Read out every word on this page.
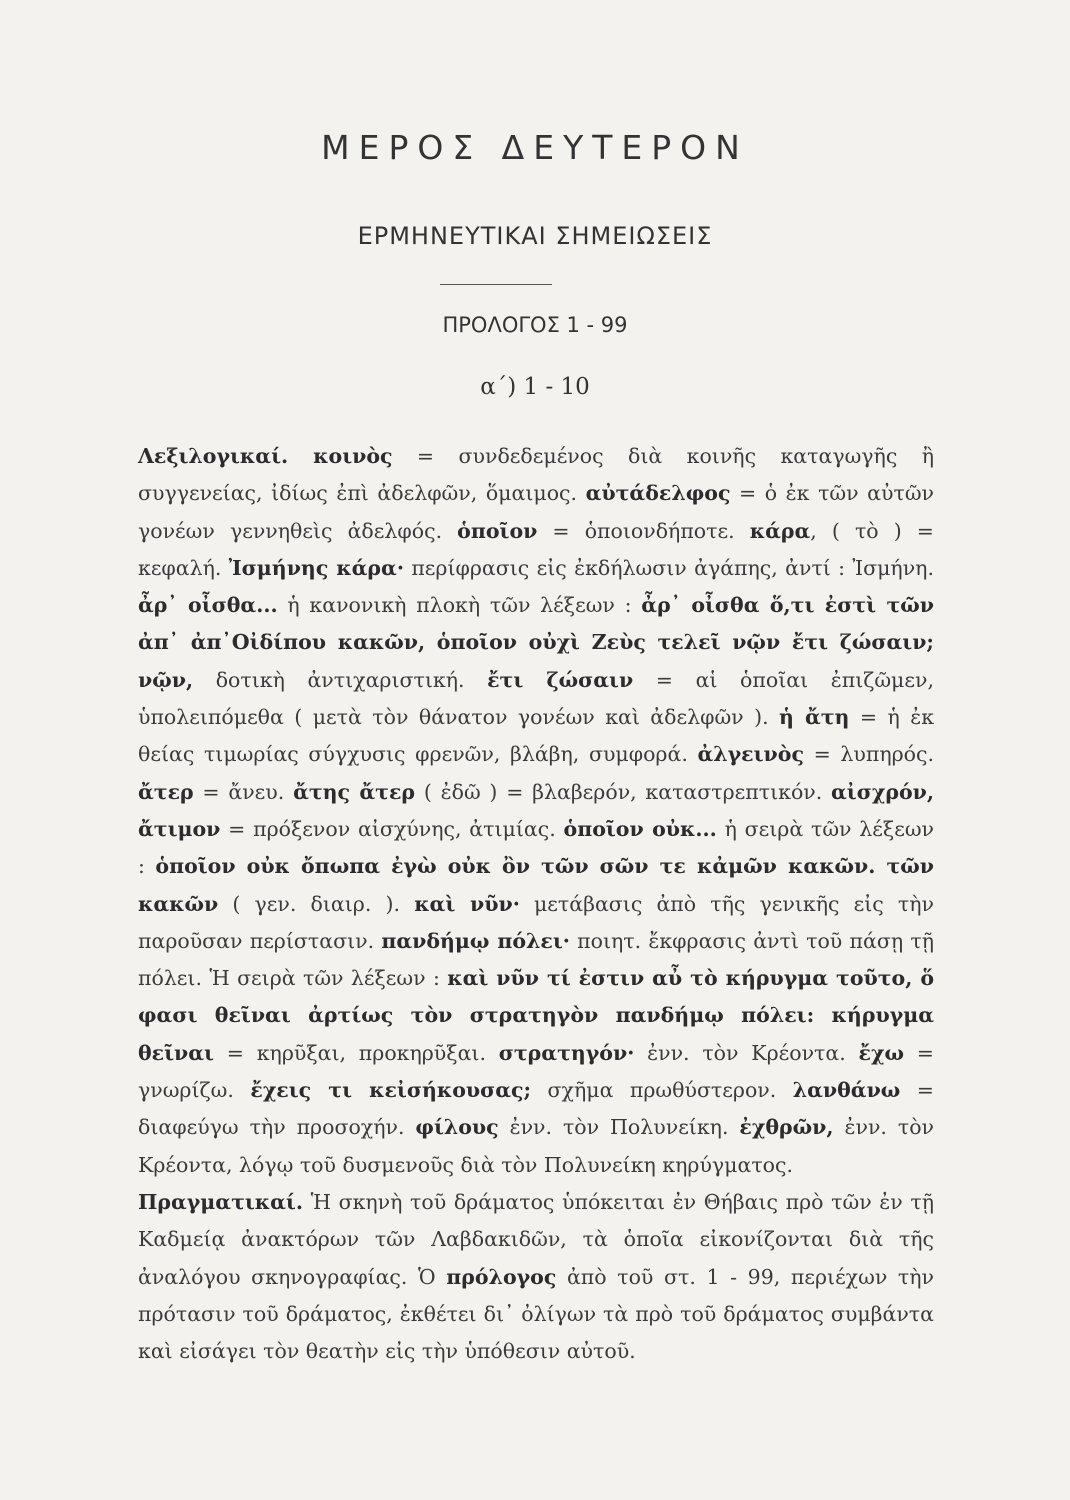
ΜΕΡΟΣ ΔΕΥΤΕΡΟΝ
ΕΡΜΗΝΕΥΤΙΚΑΙ ΣΗΜΕΙΩΣΕΙΣ
ΠΡΟΛΟΓΟΣ 1 - 99
α΄) 1 - 10

Λεξιλογικαί. κοινὸς = συνδεδεμένος διὰ κοινῆς καταγωγῆς ἢ συγγενείας, ἰδίως ἐπὶ ἀδελφῶν, ὅμαιμος. αὐτάδελφος = ὁ ἐκ τῶν αὐτῶν γονέων γεννηθεὶς ἀδελφός. ὁποῖον = ὁποιονδήποτε. κάρα, ( τὸ ) = κεφαλή. Ἰσμήνης κάρα· περίφρασις εἰς ἐκδήλωσιν ἀγάπης, ἀντί : Ἰσμήνη. ἆρ᾽ οἶσθα... ἡ κανονικὴ πλοκὴ τῶν λέξεων : ἆρ᾽ οἶσθα ὅ,τι ἐστὶ τῶν ἀπ᾽ ἀπ᾽Οἰδίπου κακῶν, ὁποῖον οὐχὶ Ζεὺς τελεῖ νῷν ἔτι ζώσαιν; νῷν, δοτικὴ ἀντιχαριστική. ἔτι ζώσαιν = αἱ ὁποῖαι ἐπιζῶμεν, ὑπολειπόμεθα ( μετὰ τὸν θάνατον γονέων καὶ ἀδελφῶν ). ἡ ἄτη = ἡ ἐκ θείας τιμωρίας σύγχυσις φρενῶν, βλάβη, συμφορά. ἀλγεινὸς = λυπηρός. ἄτερ = ἄνευ. ἄτης ἄτερ ( ἐδῶ ) = βλαβερόν, καταστρεπτικόν. αἰσχρόν, ἄτιμον = πρόξενον αἰσχύνης, ἀτιμίας. ὁποῖον οὐκ... ἡ σειρὰ τῶν λέξεων : ὁποῖον οὐκ ὄπωπα ἐγὼ οὐκ ὂν τῶν σῶν τε κἀμῶν κακῶν. τῶν κακῶν ( γεν. διαιρ. ). καὶ νῦν· μετάβασις ἀπὸ τῆς γενικῆς εἰς τὴν παροῦσαν περίστασιν. πανδήμῳ πόλει· ποιητ. ἔκφρασις ἀντὶ τοῦ πάσῃ τῇ πόλει. Ἡ σειρὰ τῶν λέξεων : καὶ νῦν τί ἐστιν αὖ τὸ κήρυγμα τοῦτο, ὅ φασι θεῖναι ἀρτίως τὸν στρατηγὸν πανδήμῳ πόλει: κήρυγμα θεῖναι = κηρῦξαι, προκηρῦξαι. στρατηγόν· ἐνν. τὸν Κρέοντα. ἔχω = γνωρίζω. ἔχεις τι κεἰσήκουσας; σχῆμα πρωθύστερον. λανθάνω = διαφεύγω τὴν προσοχήν. φίλους ἐνν. τὸν Πολυνείκη. ἐχθρῶν, ἐνν. τὸν Κρέοντα, λόγῳ τοῦ δυσμενοῦς διὰ τὸν Πολυνείκη κηρύγματος.

Πραγματικαί. Ἡ σκηνὴ τοῦ δράματος ὑπόκειται ἐν Θήβαις πρὸ τῶν ἐν τῇ Καδμείᾳ ἀνακτόρων τῶν Λαβδακιδῶν, τὰ ὁποῖα εἰκονίζονται διὰ τῆς ἀναλόγου σκηνογραφίας. Ὁ πρόλογος ἀπὸ τοῦ στ. 1 - 99, περιέχων τὴν πρότασιν τοῦ δράματος, ἐκθέτει δι᾽ ὀλίγων τὰ πρὸ τοῦ δράματος συμβάντα καὶ εἰσάγει τὸν θεατὴν εἰς τὴν ὑπόθεσιν αὐτοῦ.
